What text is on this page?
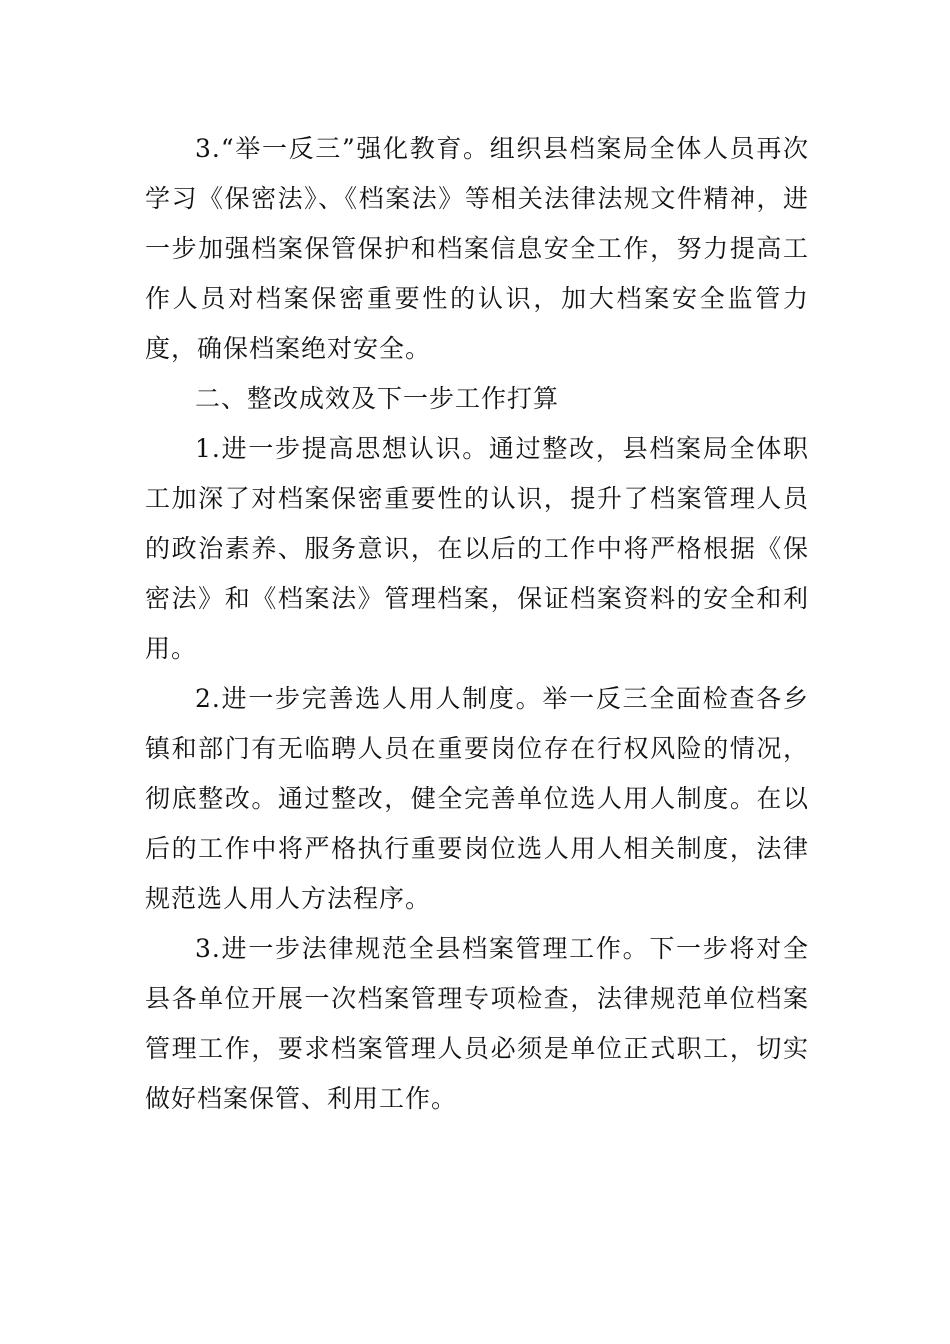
3.“举一反三”强化教育。组织县档案局全体人员再次学习《保密法》、《档案法》等相关法律法规文件精神，进一步加强档案保管保护和档案信息安全工作，努力提高工作人员对档案保密重要性的认识，加大档案安全监管力度，确保档案绝对安全。

二、整改成效及下一步工作打算

1.进一步提高思想认识。通过整改，县档案局全体职工加深了对档案保密重要性的认识，提升了档案管理人员的政治素养、服务意识，在以后的工作中将严格根据《保密法》和《档案法》管理档案，保证档案资料的安全和利用。

2.进一步完善选人用人制度。举一反三全面检查各乡镇和部门有无临聘人员在重要岗位存在行权风险的情况，彻底整改。通过整改，健全完善单位选人用人制度。在以后的工作中将严格执行重要岗位选人用人相关制度，法律规范选人用人方法程序。

3.进一步法律规范全县档案管理工作。下一步将对全县各单位开展一次档案管理专项检查，法律规范单位档案管理工作，要求档案管理人员必须是单位正式职工，切实做好档案保管、利用工作。
